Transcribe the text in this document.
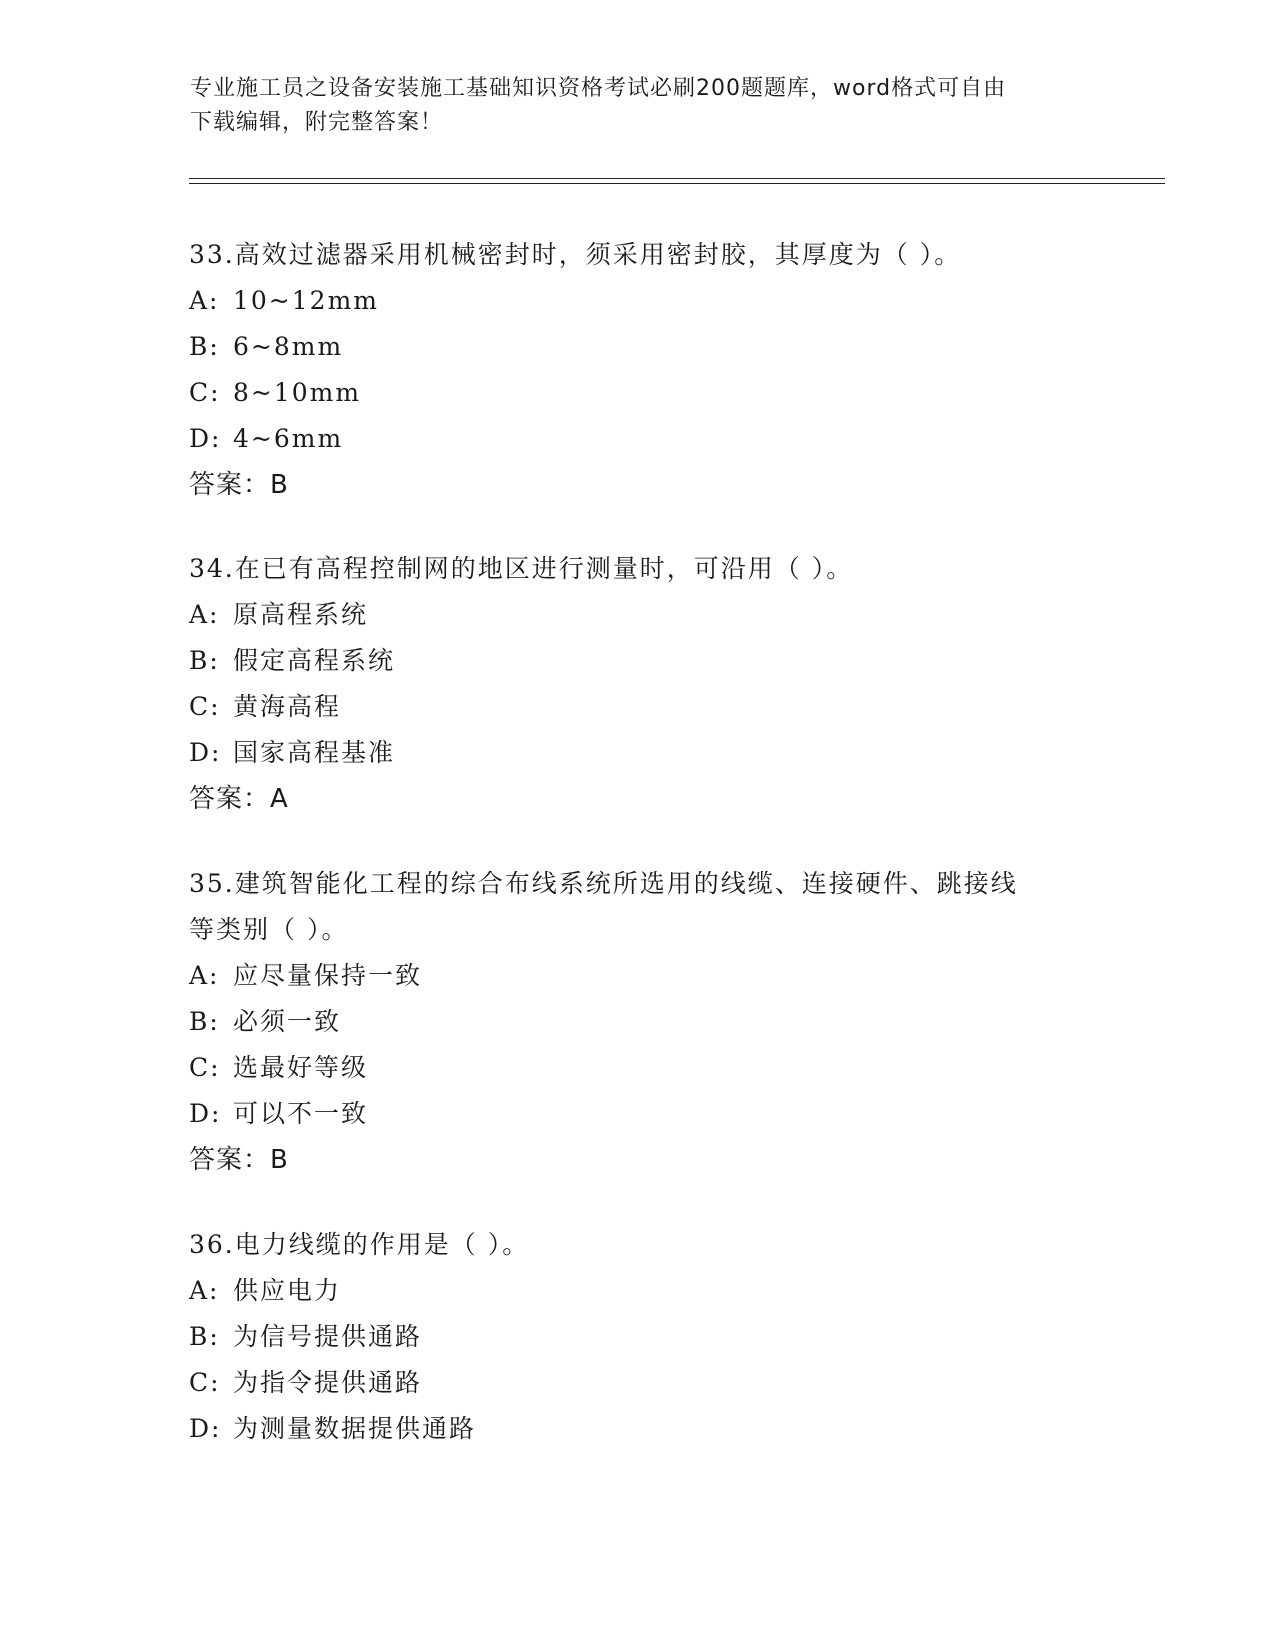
专业施工员之设备安装施工基础知识资格考试必刷200题题库，word格式可自由
下载编辑，附完整答案！
33.高效过滤器采用机械密封时，须采用密封胶，其厚度为（ ）。
A: 10~12mm
B: 6~8mm
C: 8~10mm
D: 4~6mm
答案：B
34.在已有高程控制网的地区进行测量时，可沿用（ ）。
A: 原高程系统
B: 假定高程系统
C: 黄海高程
D: 国家高程基准
答案：A
35.建筑智能化工程的综合布线系统所选用的线缆、连接硬件、跳接线
等类别（ ）。
A: 应尽量保持一致
B: 必须一致
C: 选最好等级
D: 可以不一致
答案：B
36.电力线缆的作用是（ ）。
A: 供应电力
B: 为信号提供通路
C: 为指令提供通路
D: 为测量数据提供通路
